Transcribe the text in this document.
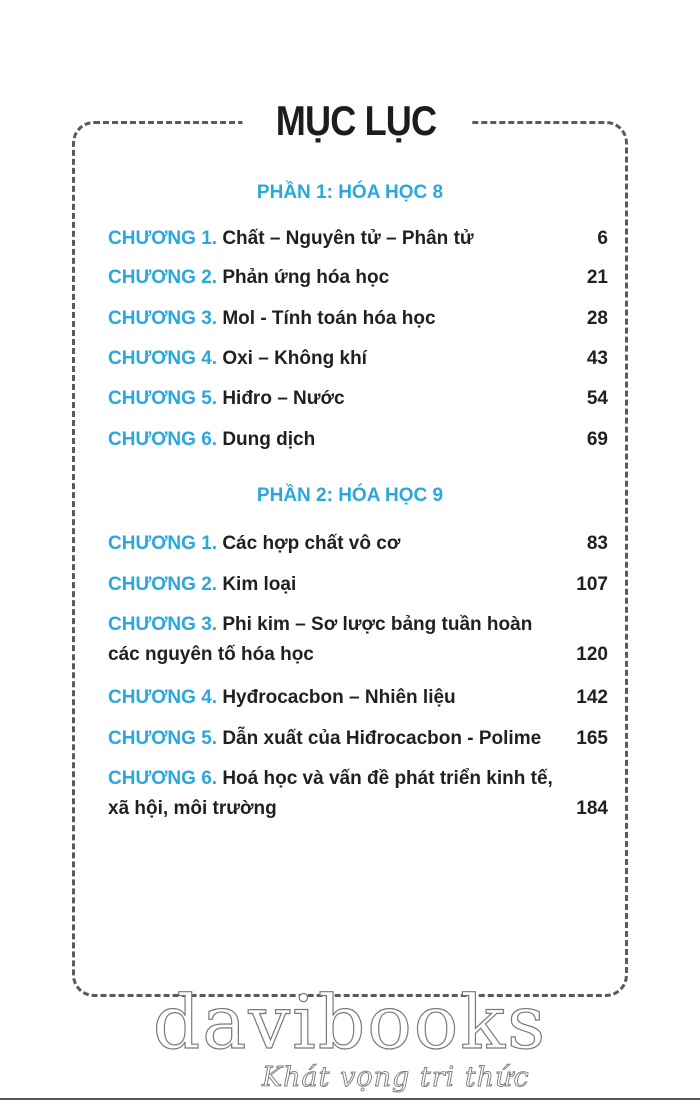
MỤC LỤC
PHẦN 1: HÓA HỌC 8
CHƯƠNG 1. Chất – Nguyên tử – Phân tử	6
CHƯƠNG 2. Phản ứng hóa học	21
CHƯƠNG 3. Mol - Tính toán hóa học	28
CHƯƠNG 4. Oxi – Không khí	43
CHƯƠNG 5. Hiđro – Nước	54
CHƯƠNG 6. Dung dịch	69
PHẦN 2: HÓA HỌC 9
CHƯƠNG 1. Các hợp chất vô cơ	83
CHƯƠNG 2. Kim loại	107
CHƯƠNG 3. Phi kim – Sơ lược bảng tuần hoàn
các nguyên tố hóa học	120
CHƯƠNG 4. Hyđrocacbon – Nhiên liệu	142
CHƯƠNG 5. Dẫn xuất của Hiđrocacbon - Polime	165
CHƯƠNG 6. Hoá học và vấn đề phát triển kinh tế,
xã hội, môi trường	184
davibooks
Khát vọng tri thức
